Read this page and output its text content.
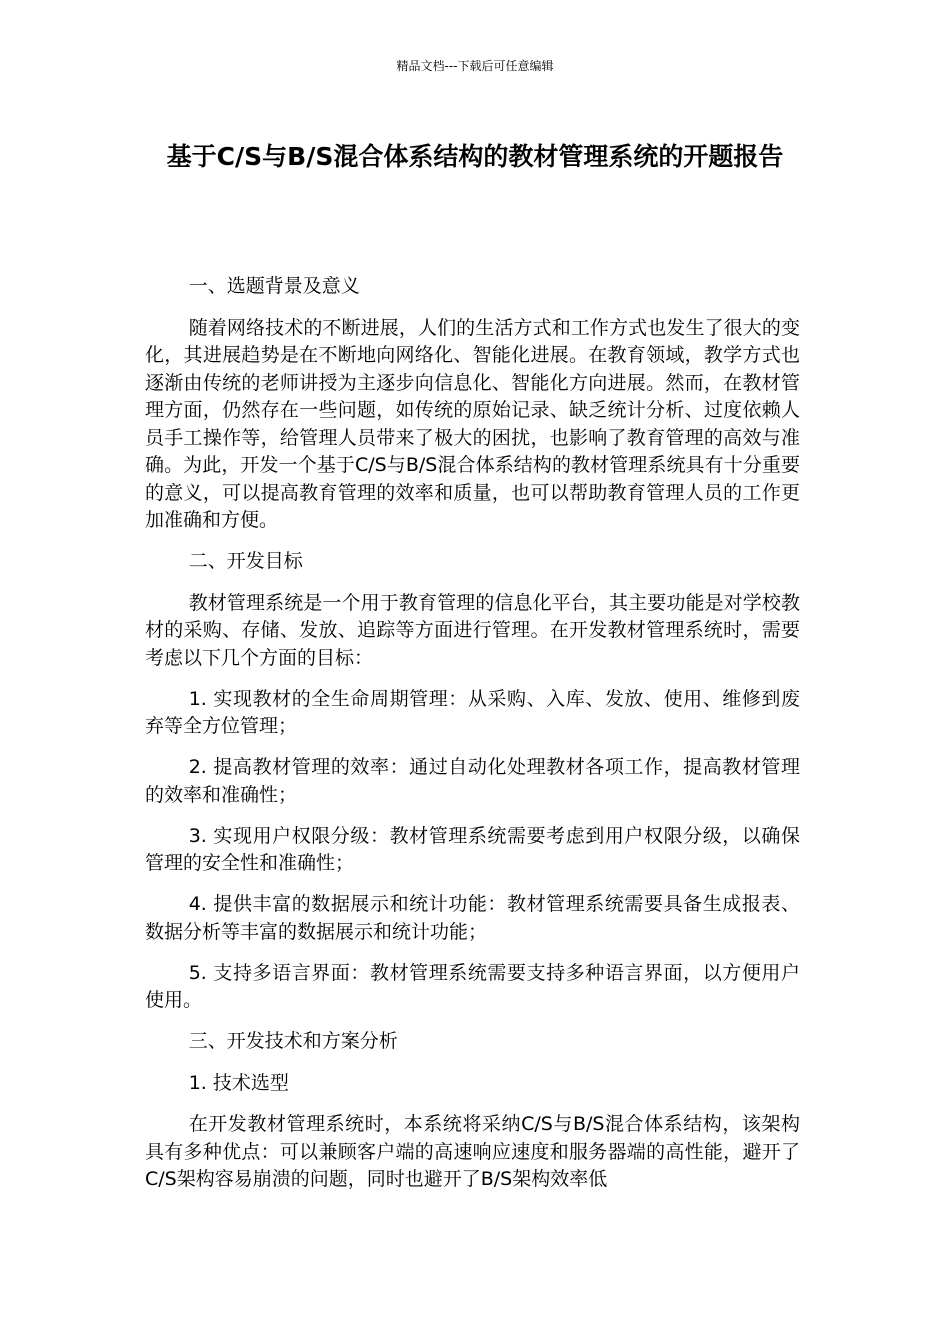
精品文档---下载后可任意编辑
基于C/S与B/S混合体系结构的教材管理系统的开题报告

一、选题背景及意义

随着网络技术的不断进展，人们的生活方式和工作方式也发生了很大的变化，其进展趋势是在不断地向网络化、智能化进展。在教育领域，教学方式也逐渐由传统的老师讲授为主逐步向信息化、智能化方向进展。然而，在教材管理方面，仍然存在一些问题，如传统的原始记录、缺乏统计分析、过度依赖人员手工操作等，给管理人员带来了极大的困扰，也影响了教育管理的高效与准确。为此，开发一个基于C/S与B/S混合体系结构的教材管理系统具有十分重要的意义，可以提高教育管理的效率和质量，也可以帮助教育管理人员的工作更加准确和方便。

二、开发目标

教材管理系统是一个用于教育管理的信息化平台，其主要功能是对学校教材的采购、存储、发放、追踪等方面进行管理。在开发教材管理系统时，需要考虑以下几个方面的目标：

1. 实现教材的全生命周期管理：从采购、入库、发放、使用、维修到废弃等全方位管理；

2. 提高教材管理的效率：通过自动化处理教材各项工作，提高教材管理的效率和准确性；

3. 实现用户权限分级：教材管理系统需要考虑到用户权限分级，以确保管理的安全性和准确性；

4. 提供丰富的数据展示和统计功能：教材管理系统需要具备生成报表、数据分析等丰富的数据展示和统计功能；

5. 支持多语言界面：教材管理系统需要支持多种语言界面，以方便用户使用。

三、开发技术和方案分析

1. 技术选型

在开发教材管理系统时，本系统将采纳C/S与B/S混合体系结构，该架构具有多种优点：可以兼顾客户端的高速响应速度和服务器端的高性能，避开了C/S架构容易崩溃的问题，同时也避开了B/S架构效率低
